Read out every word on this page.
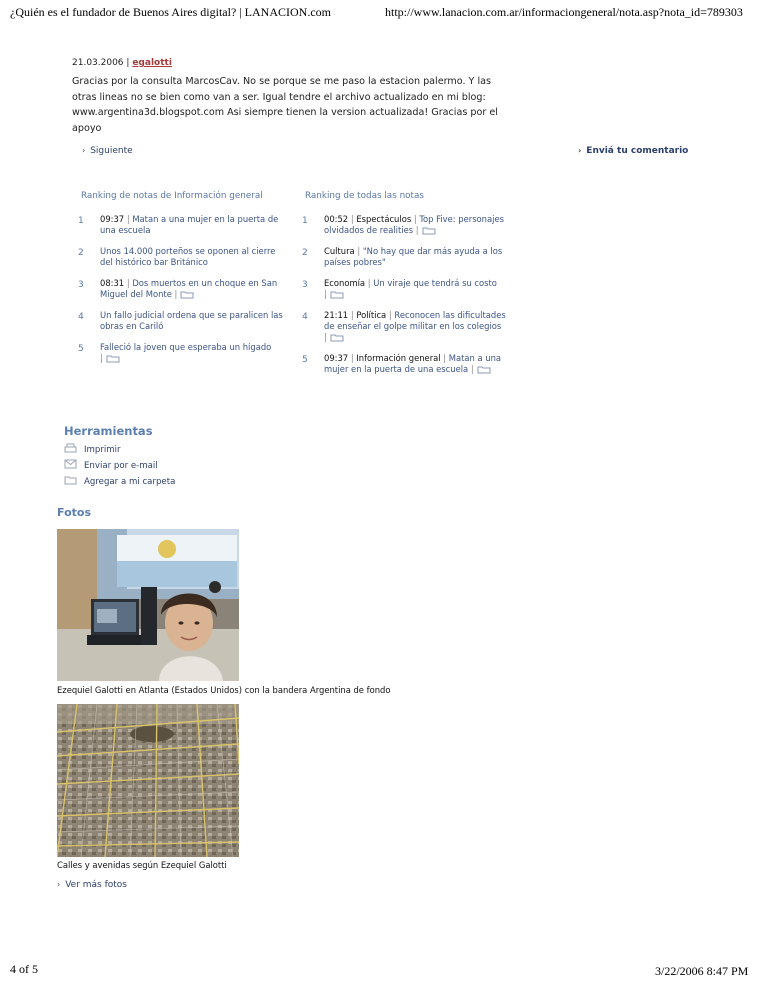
¿Quién es el fundador de Buenos Aires digital? | LANACION.com	http://www.lanacion.com.ar/informaciongeneral/nota.asp?nota_id=789303
21.03.2006 | egalotti
Gracias por la consulta MarcosCav. No se porque se me paso la estacion palermo. Y las otras lineas no se bien como van a ser. Igual tendre el archivo actualizado en mi blog: www.argentina3d.blogspot.com Asi siempre tienen la version actualizada! Gracias por el apoyo
› Siguiente	› Enviá tu comentario
Ranking de notas de Información general
1 09:37 | Matan a una mujer en la puerta de una escuela
2 Unos 14.000 porteños se oponen al cierre del histórico bar Británico
3 08:31 | Dos muertos en un choque en San Miguel del Monte |
4 Un fallo judicial ordena que se paralicen las obras en Cariló
5 Falleció la joven que esperaba un hígado
|
Ranking de todas las notas
1 00:52 | Espectáculos | Top Five: personajes olvidados de realities |
2 Cultura | "No hay que dar más ayuda a los países pobres"
3 Economía | Un viraje que tendrá su costo
|
4 21:11 | Política | Reconocen las dificultades de enseñar el golpe militar en los colegios
|
5 09:37 | Información general | Matan a una mujer en la puerta de una escuela |
Herramientas
Imprimir
Enviar por e-mail
Agregar a mi carpeta
Fotos
Ezequiel Galotti en Atlanta (Estados Unidos) con la bandera Argentina de fondo
Calles y avenidas según Ezequiel Galotti
› Ver más fotos
4 of 5	3/22/2006 8:47 PM
